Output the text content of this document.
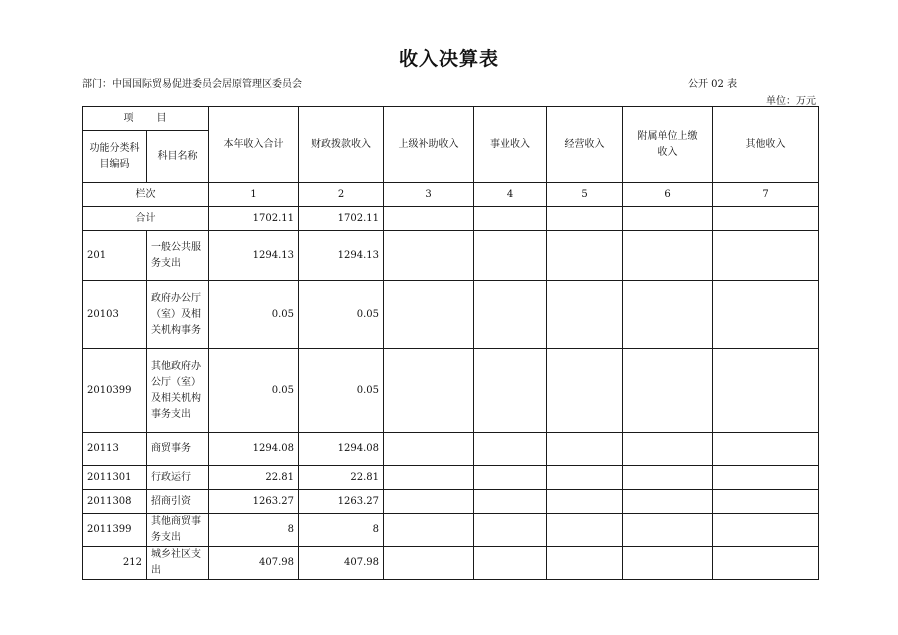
收入决算表
部门：中国国际贸易促进委员会居原管理区委员会	公开 02 表
单位：万元
项　　目		本年收入合计	财政拨款收入	上级补助收入	事业收入	经营收入	附属单位上缴收入	其他收入
功能分类科目编码	科目名称							
栏次		1	2	3	4	5	6	7
合计		1702.11	1702.11					
201	一般公共服务支出	1294.13	1294.13					
20103	政府办公厅（室）及相关机构事务	0.05	0.05					
2010399	其他政府办公厅（室）及相关机构事务支出	0.05	0.05					
20113	商贸事务	1294.08	1294.08					
2011301	行政运行	22.81	22.81					
2011308	招商引资	1263.27	1263.27					
2011399	其他商贸事务支出	8	8					
212	城乡社区支出	407.98	407.98					
